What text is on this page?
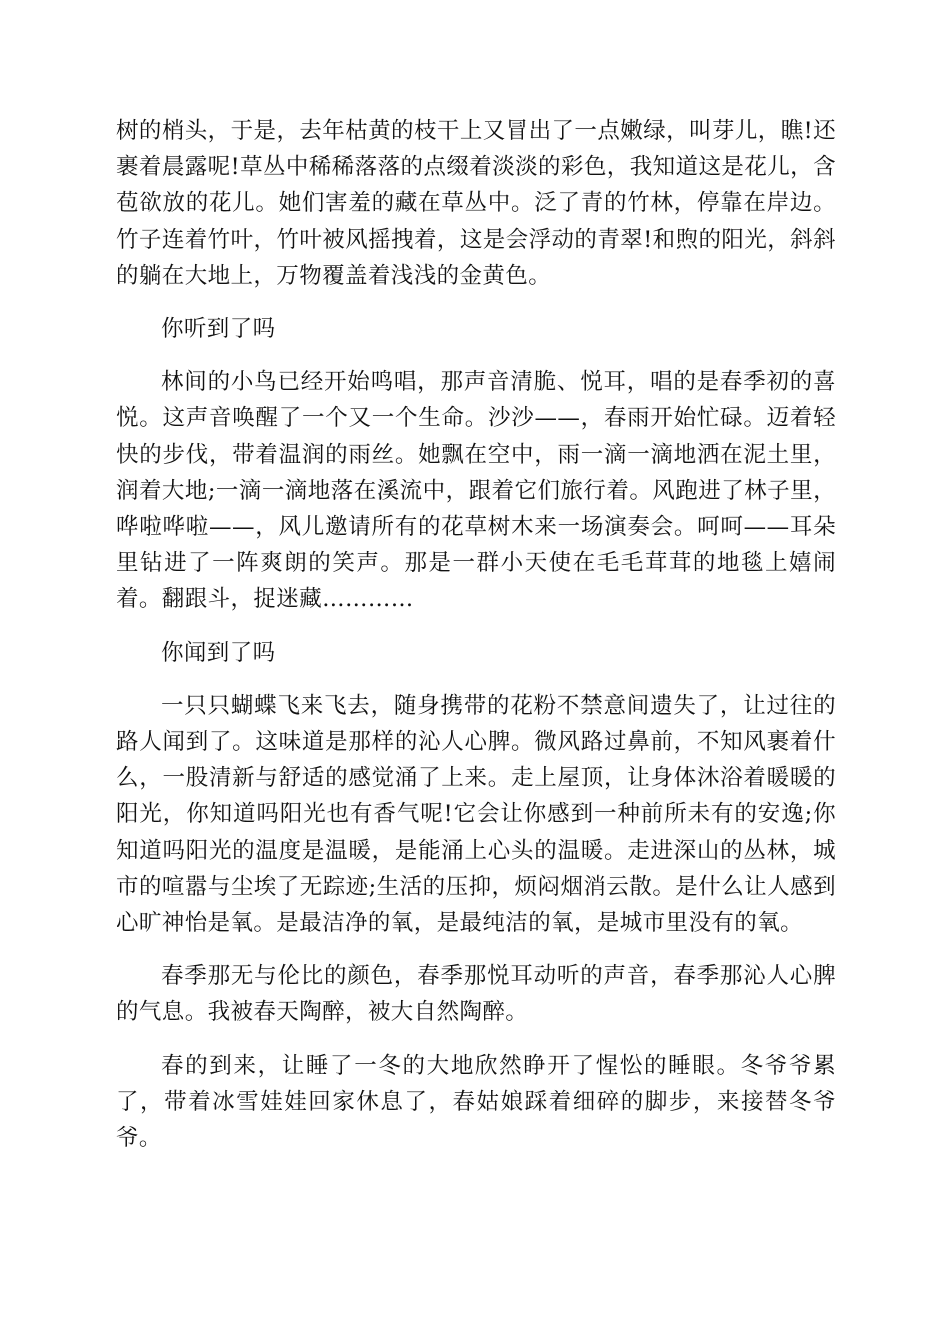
树的梢头，于是，去年枯黄的枝干上又冒出了一点嫩绿，叫芽儿，瞧!还裹着晨露呢!草丛中稀稀落落的点缀着淡淡的彩色，我知道这是花儿，含苞欲放的花儿。她们害羞的藏在草丛中。泛了青的竹林，停靠在岸边。竹子连着竹叶，竹叶被风摇拽着，这是会浮动的青翠!和煦的阳光，斜斜的躺在大地上，万物覆盖着浅浅的金黄色。

你听到了吗

林间的小鸟已经开始鸣唱，那声音清脆、悦耳，唱的是春季初的喜悦。这声音唤醒了一个又一个生命。沙沙——，春雨开始忙碌。迈着轻快的步伐，带着温润的雨丝。她飘在空中，雨一滴一滴地洒在泥土里，润着大地;一滴一滴地落在溪流中，跟着它们旅行着。风跑进了林子里，哗啦哗啦——，风儿邀请所有的花草树木来一场演奏会。呵呵——耳朵里钻进了一阵爽朗的笑声。那是一群小天使在毛毛茸茸的地毯上嬉闹着。翻跟斗，捉迷藏…………

你闻到了吗

一只只蝴蝶飞来飞去，随身携带的花粉不禁意间遗失了，让过往的路人闻到了。这味道是那样的沁人心脾。微风路过鼻前，不知风裹着什么，一股清新与舒适的感觉涌了上来。走上屋顶，让身体沐浴着暖暖的阳光，你知道吗阳光也有香气呢!它会让你感到一种前所未有的安逸;你知道吗阳光的温度是温暖，是能涌上心头的温暖。走进深山的丛林，城市的喧嚣与尘埃了无踪迹;生活的压抑，烦闷烟消云散。是什么让人感到心旷神怡是氧。是最洁净的氧，是最纯洁的氧，是城市里没有的氧。

春季那无与伦比的颜色，春季那悦耳动听的声音，春季那沁人心脾的气息。我被春天陶醉，被大自然陶醉。

春的到来，让睡了一冬的大地欣然睁开了惺忪的睡眼。冬爷爷累了，带着冰雪娃娃回家休息了，春姑娘踩着细碎的脚步，来接替冬爷爷。
